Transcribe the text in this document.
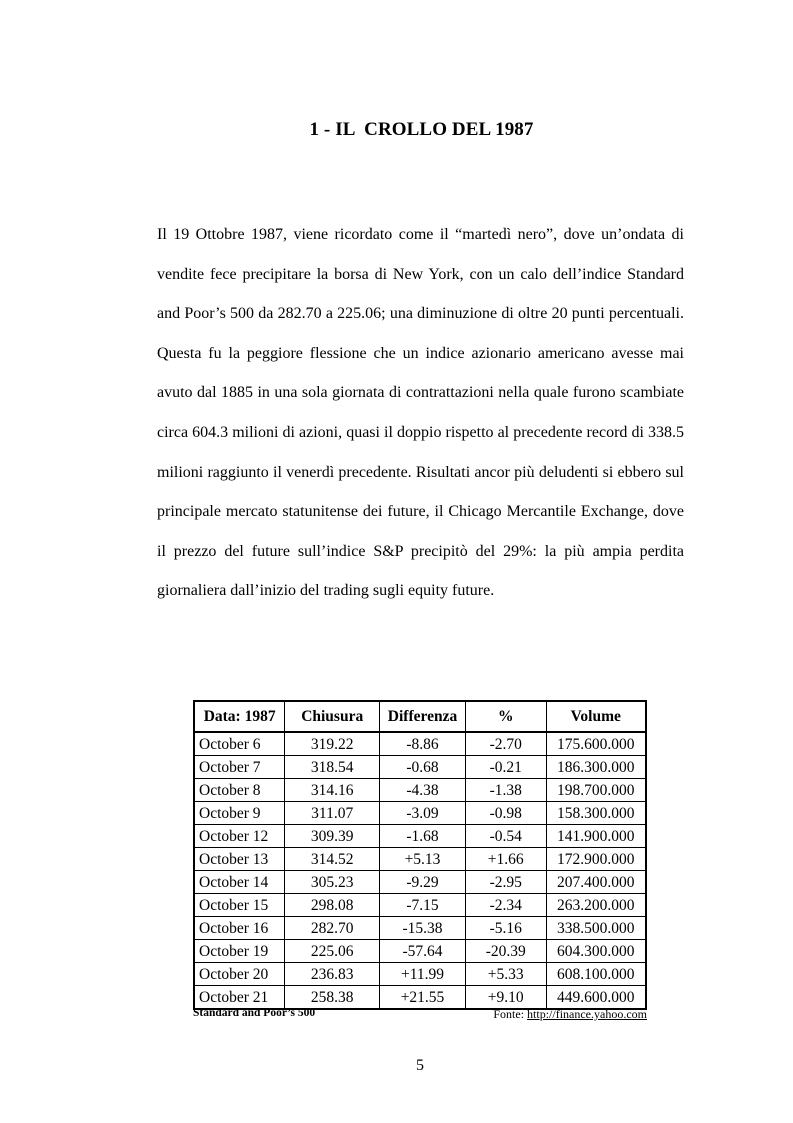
1 - IL  CROLLO DEL 1987
Il 19 Ottobre 1987, viene ricordato come il “martedì nero”, dove un’ondata di vendite fece precipitare la borsa di New York, con un calo dell’indice Standard and Poor’s 500 da 282.70 a 225.06; una diminuzione di oltre 20 punti percentuali. Questa fu la peggiore flessione che un indice azionario americano avesse mai avuto dal 1885 in una sola giornata di contrattazioni nella quale furono scambiate circa 604.3 milioni di azioni, quasi il doppio rispetto al precedente record di 338.5 milioni raggiunto il venerdì precedente. Risultati ancor più deludenti si ebbero sul principale mercato statunitense dei future, il Chicago Mercantile Exchange, dove il prezzo del future sull’indice S&P precipitò del 29%: la più ampia perdita giornaliera dall’inizio del trading sugli equity future.
Data: 1987	Chiusura	Differenza	%	Volume
October 6	319.22	-8.86	-2.70	175.600.000
October 7	318.54	-0.68	-0.21	186.300.000
October 8	314.16	-4.38	-1.38	198.700.000
October 9	311.07	-3.09	-0.98	158.300.000
October 12	309.39	-1.68	-0.54	141.900.000
October 13	314.52	+5.13	+1.66	172.900.000
October 14	305.23	-9.29	-2.95	207.400.000
October 15	298.08	-7.15	-2.34	263.200.000
October 16	282.70	-15.38	-5.16	338.500.000
October 19	225.06	-57.64	-20.39	604.300.000
October 20	236.83	+11.99	+5.33	608.100.000
October 21	258.38	+21.55	+9.10	449.600.000
Standard and Poor’s 500	Fonte: http://finance.yahoo.com
5
